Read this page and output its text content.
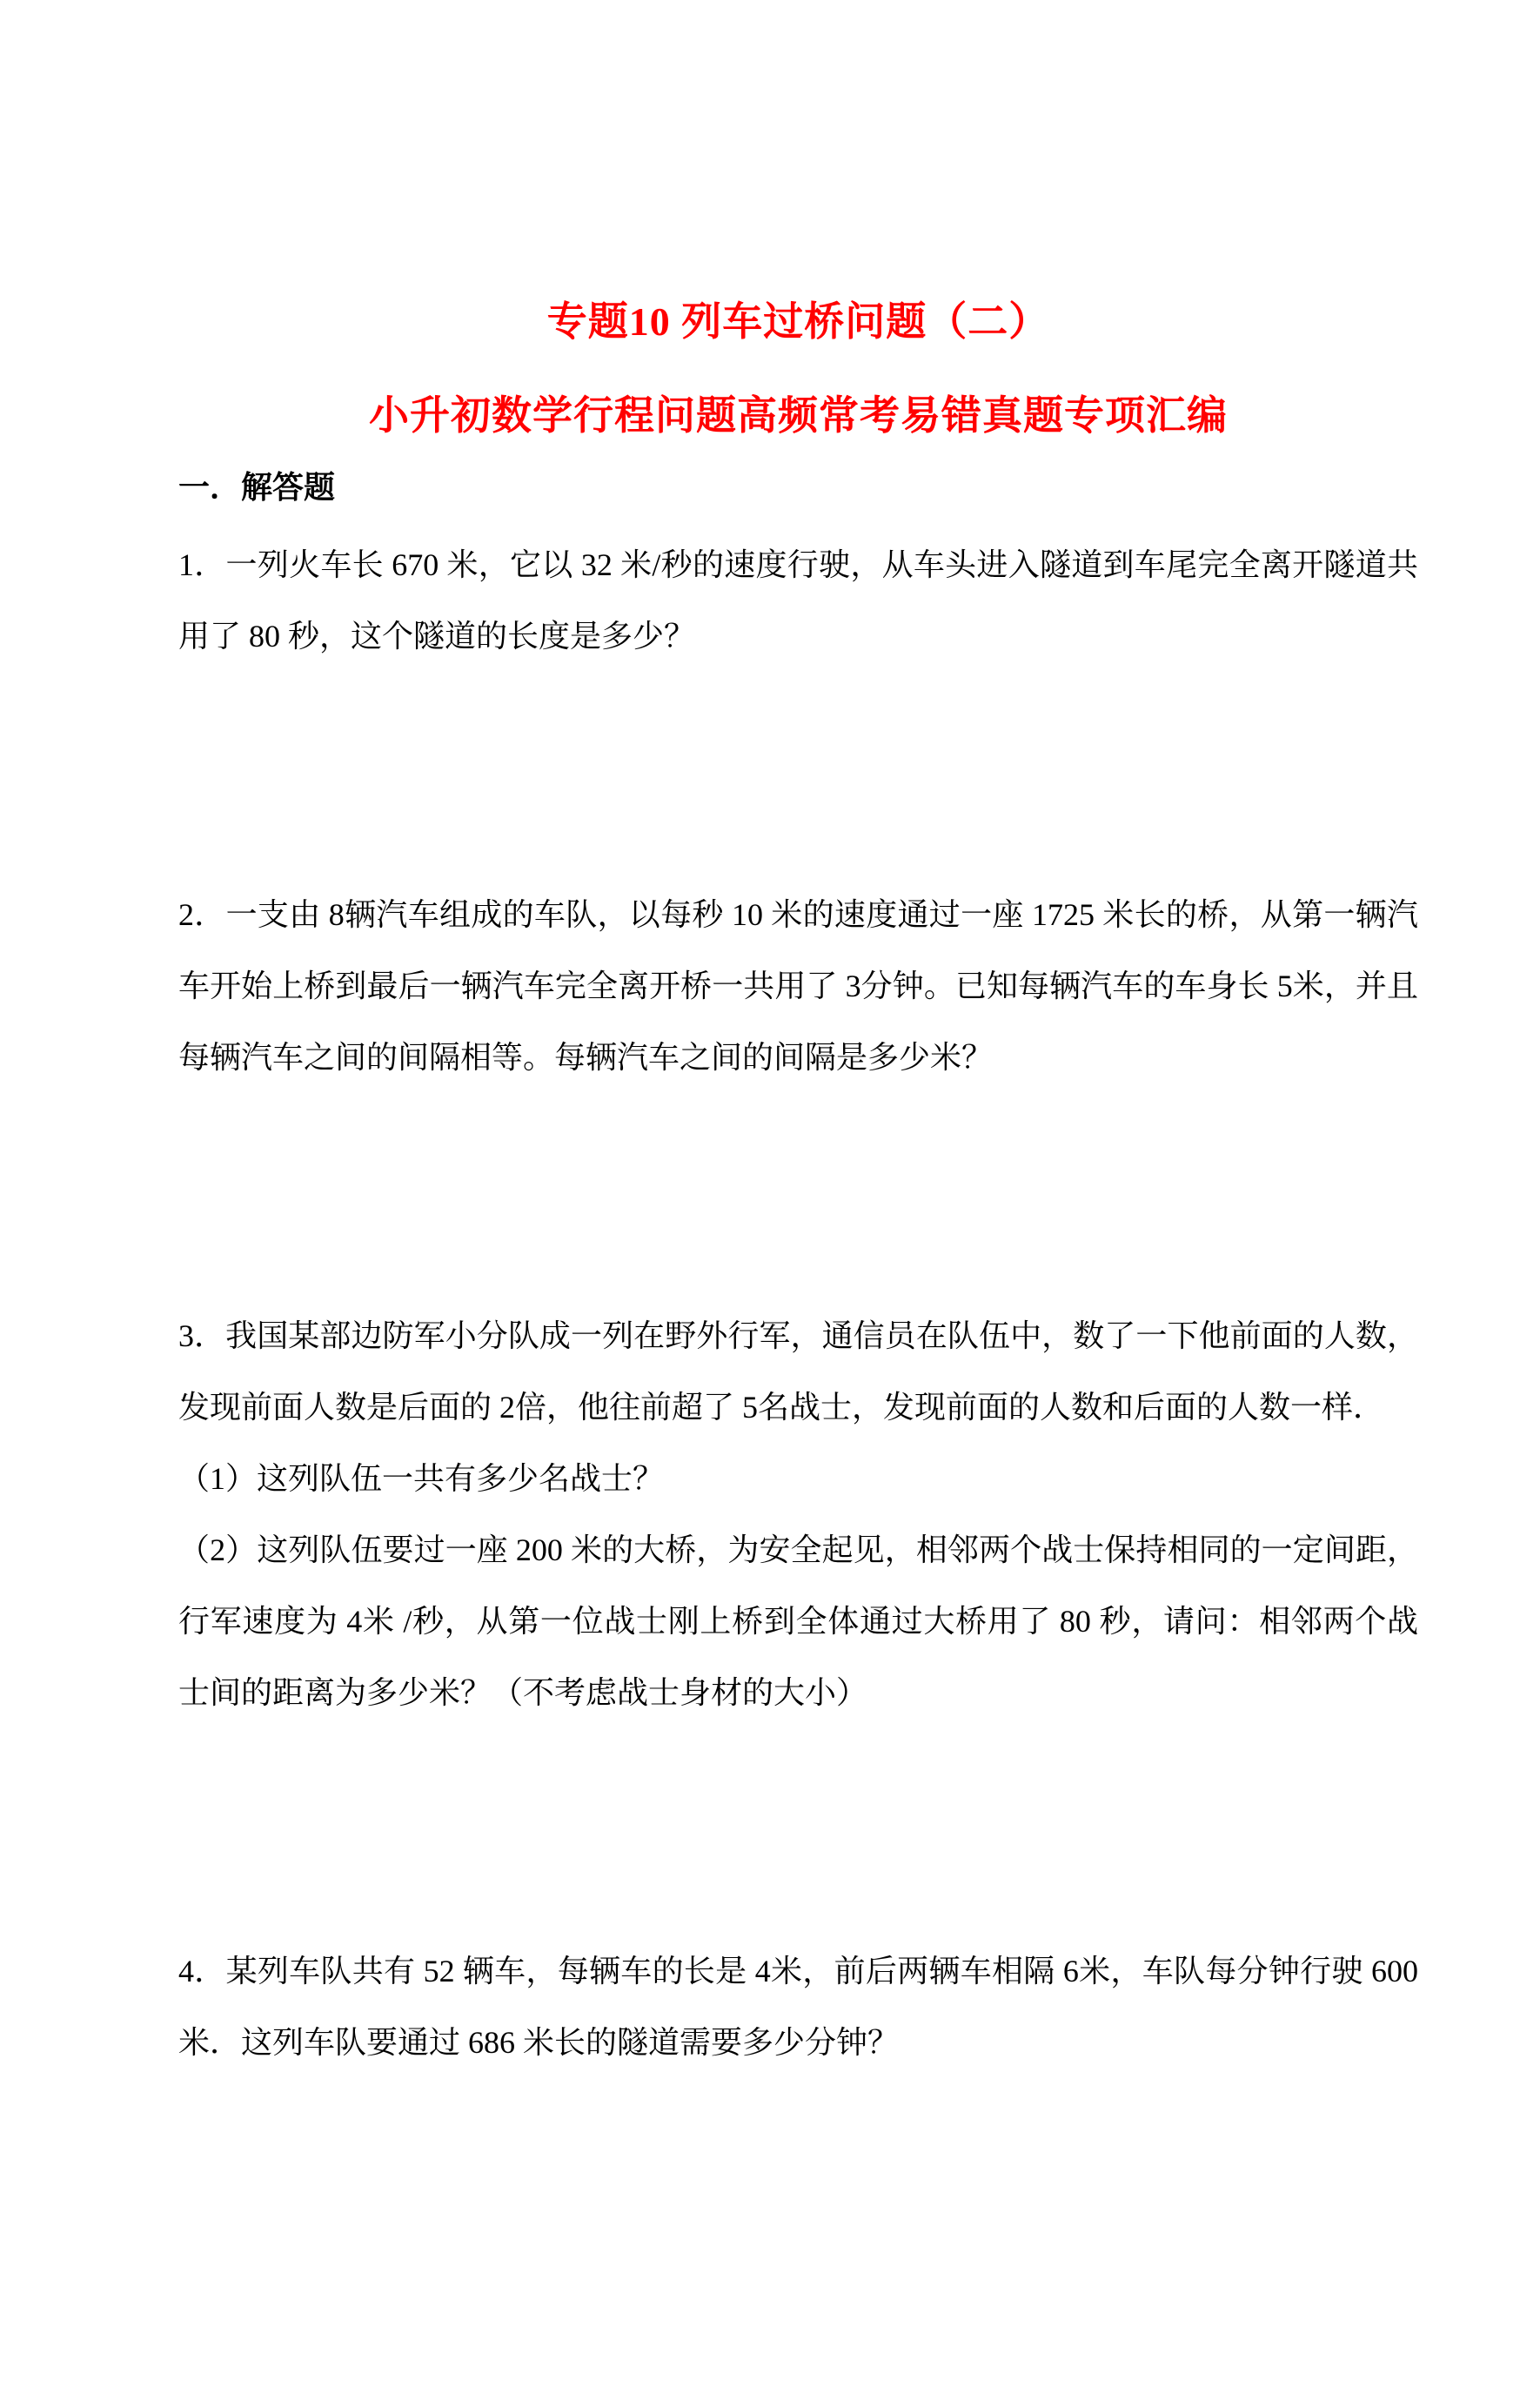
专题10 列车过桥问题（二）
小升初数学行程问题高频常考易错真题专项汇编
一．解答题
1．一列火车长 670 米，它以 32 米/秒的速度行驶，从车头进入隧道到车尾完全离开隧道共
用了 80 秒，这个隧道的长度是多少？
2．一支由 8辆汽车组成的车队，以每秒 10 米的速度通过一座 1725 米长的桥，从第一辆汽
车开始上桥到最后一辆汽车完全离开桥一共用了 3分钟。已知每辆汽车的车身长 5米，并且
每辆汽车之间的间隔相等。每辆汽车之间的间隔是多少米？
3．我国某部边防军小分队成一列在野外行军，通信员在队伍中，数了一下他前面的人数，
发现前面人数是后面的 2倍，他往前超了 5名战士，发现前面的人数和后面的人数一样．
（1）这列队伍一共有多少名战士？
（2）这列队伍要过一座 200 米的大桥，为安全起见，相邻两个战士保持相同的一定间距，
行军速度为 4米 /秒，从第一位战士刚上桥到全体通过大桥用了 80 秒，请问：相邻两个战
士间的距离为多少米？（不考虑战士身材的大小）
4．某列车队共有 52 辆车，每辆车的长是 4米，前后两辆车相隔 6米，车队每分钟行驶 600
米．这列车队要通过 686 米长的隧道需要多少分钟？
